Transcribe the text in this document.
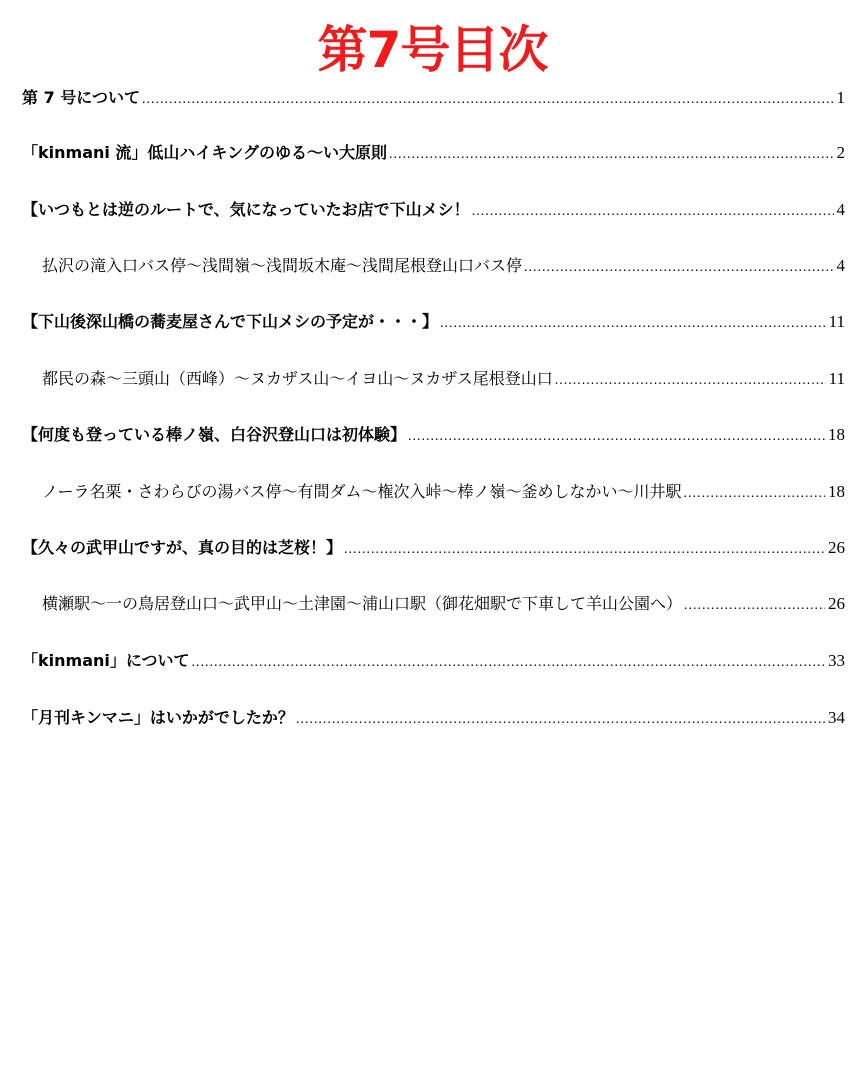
第7号目次
第 7 号について .....	1
「kinmani 流」低山ハイキングのゆる〜い大原則 .....	2
【いつもとは逆のルートで、気になっていたお店で下山メシ！ .....	4
払沢の滝入口バス停〜浅間嶺〜浅間坂木庵〜浅間尾根登山口バス停 .....	4
【下山後深山橋の蕎麦屋さんで下山メシの予定が・・・】 .....	11
都民の森〜三頭山（西峰）〜ヌカザス山〜イヨ山〜ヌカザス尾根登山口 .....	11
【何度も登っている棒ノ嶺、白谷沢登山口は初体験】 .....	18
ノーラ名栗・さわらびの湯バス停〜有間ダム〜権次入峠〜棒ノ嶺〜釜めしなかい〜川井駅 .....	18
【久々の武甲山ですが、真の目的は芝桜！】 .....	26
横瀬駅〜一の鳥居登山口〜武甲山〜土津園〜浦山口駅（御花畑駅で下車して羊山公園へ） .....	26
「kinmani」について .....	33
「月刊キンマニ」はいかがでしたか？ .....	34
